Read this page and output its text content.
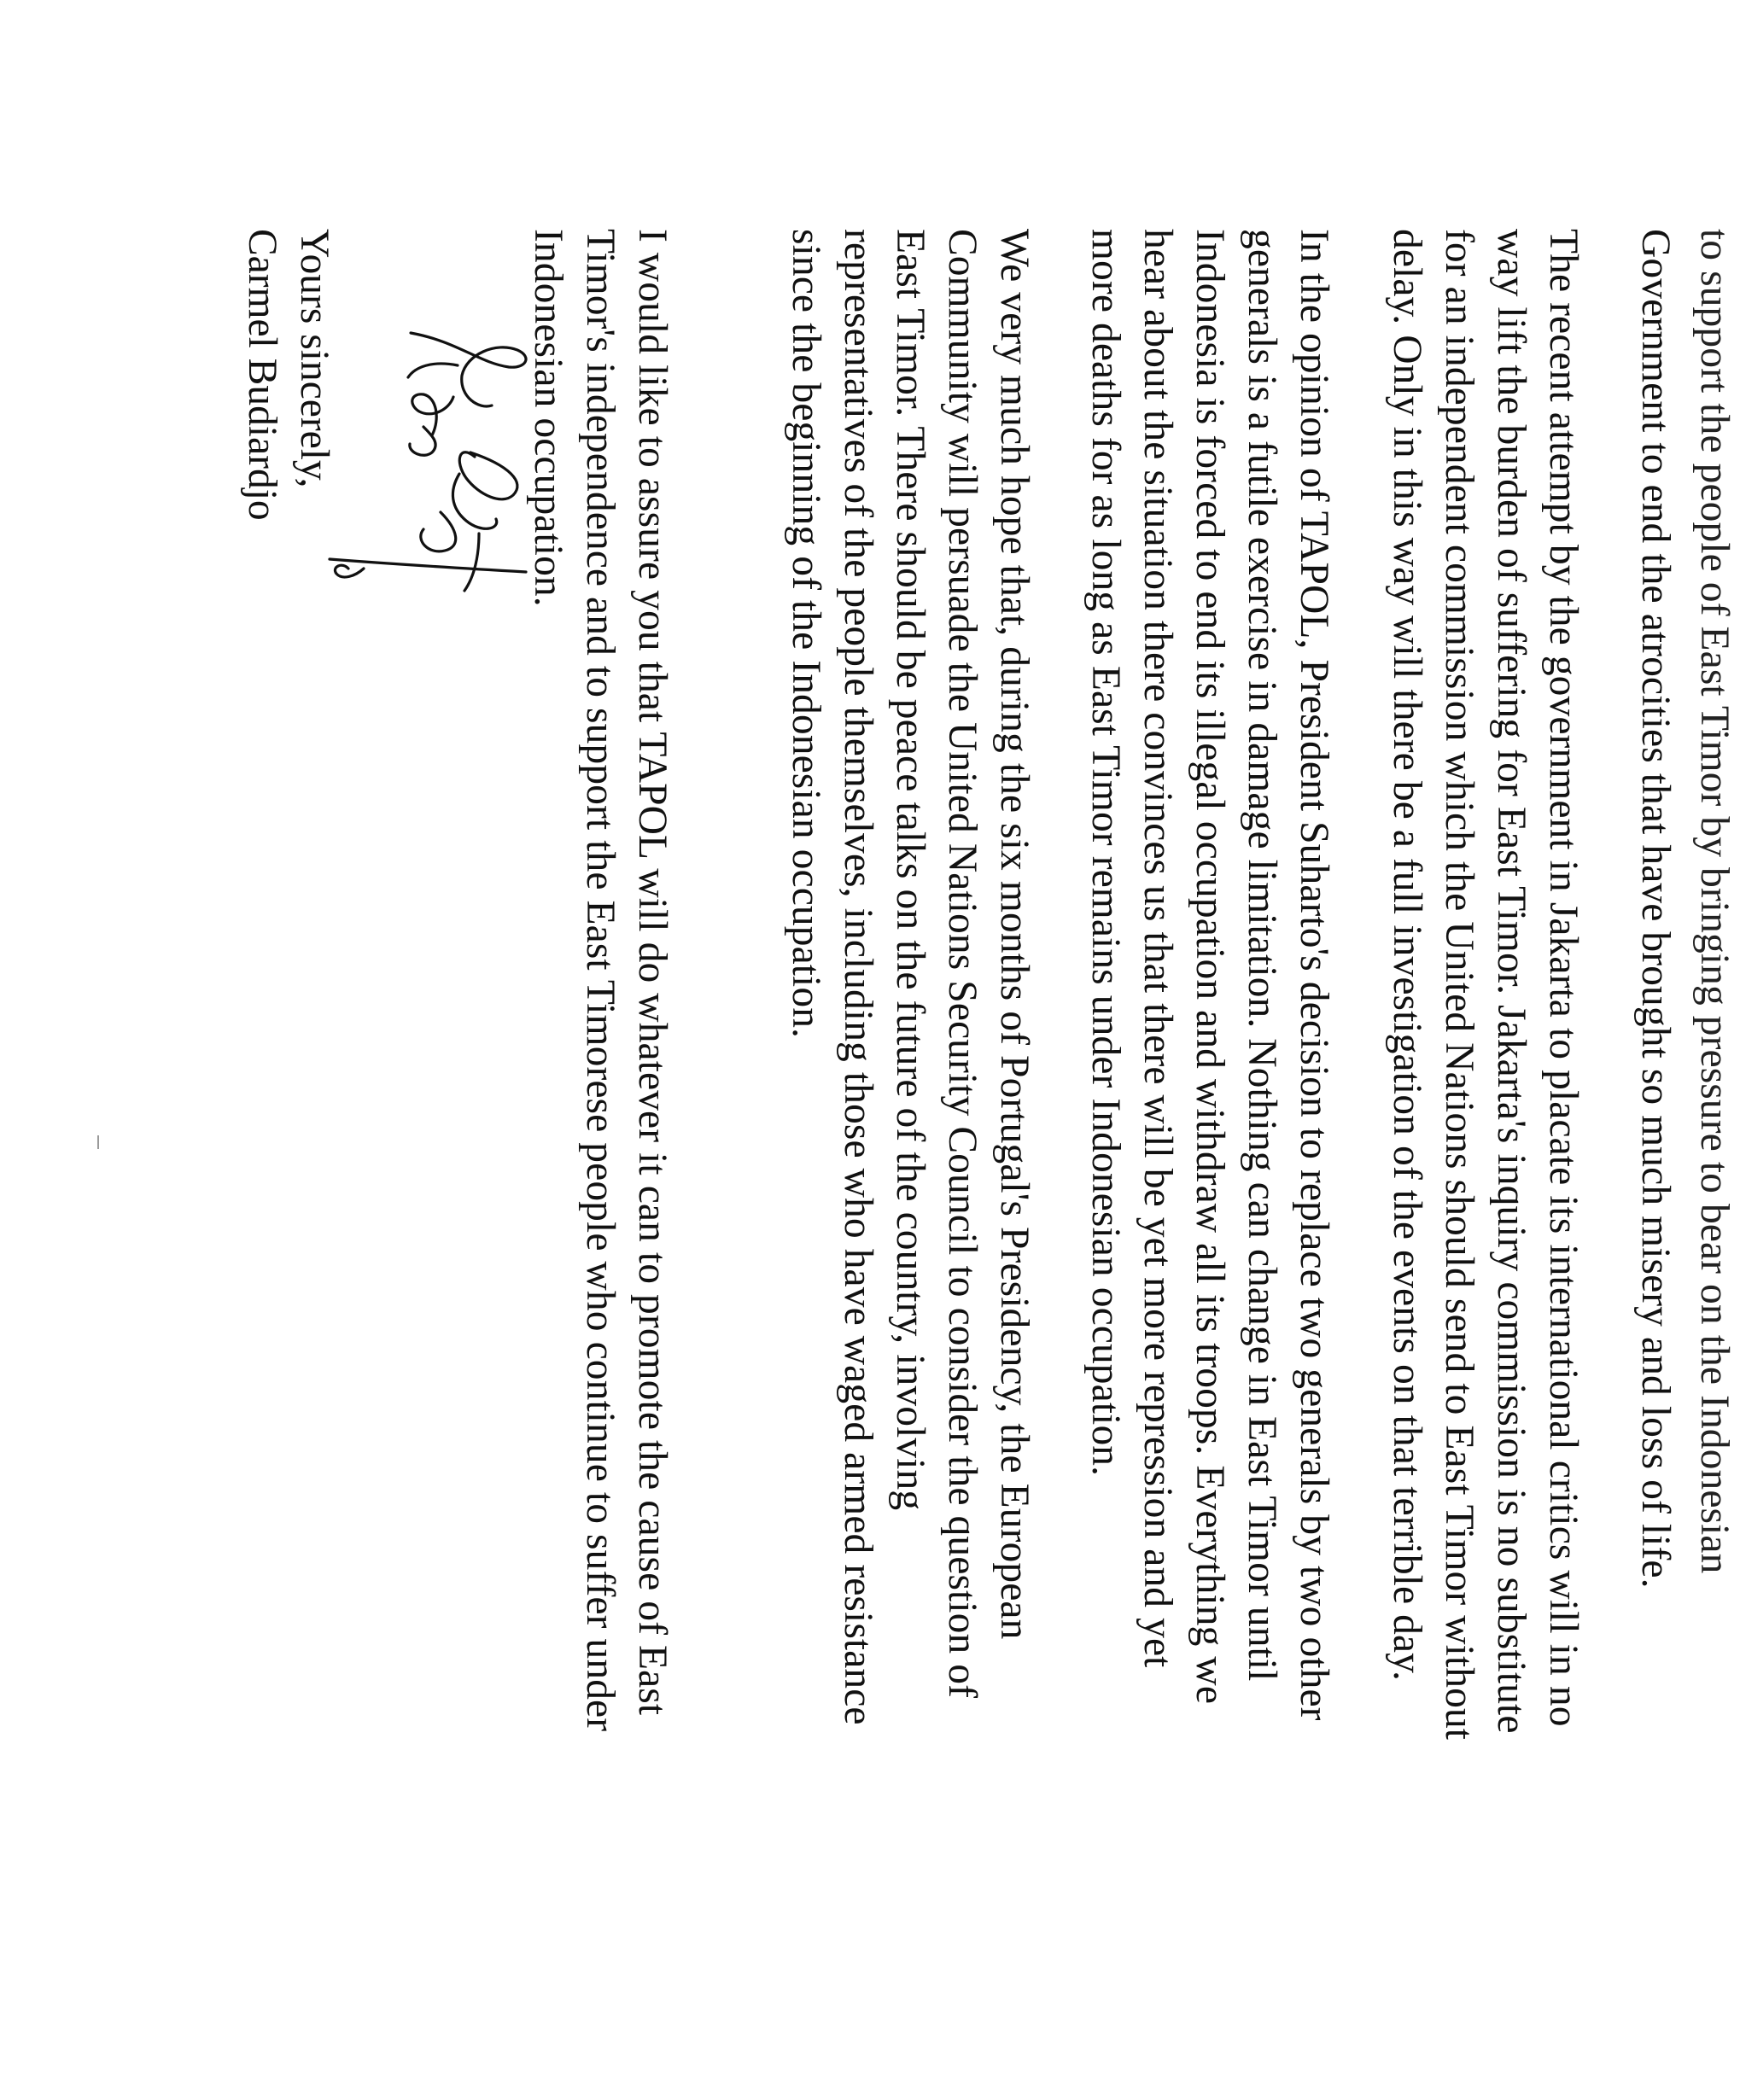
to support the people of East Timor by bringing pressure to bear on the Indonesian

Government to end the atrocities that have brought so much misery and loss of life.

The recent attempt by the government in Jakarta to placate its international critics will in no
way lift the burden of suffering for East Timor. Jakarta's inquiry commission is no substitute
for an independent commission which the United Nations should send to East Timor without
delay. Only in this way will there be a full investigation of the events on that terrible day.

In the opinion of TAPOL, President Suharto's decision to replace two generals by two other
generals is a futile exercise in damage limitation. Nothing can change in East Timor until
Indonesia is forced to end its illegal occupation and withdraw all its troops. Everything we
hear about the situation there convinces us that there will be yet more repression and yet
more deaths for as long as East Timor remains under Indonesian occupation.

We very much hope that, during the six months of Portugal's Presidency, the European
Community will persuade the United Nations Security Council to consider the question of
East Timor. There should be peace talks on the future of the country, involving
representatives of the people themselves, including those who have waged armed resistance
since the beginning of the Indonesian occupation.

I would like to assure you that TAPOL will do whatever it can to promote the cause of East
Timor's independence and to support the East Timorese people who continue to suffer under
Indonesian occupation.

Yours sincerely,
Carmel Budiardjo
